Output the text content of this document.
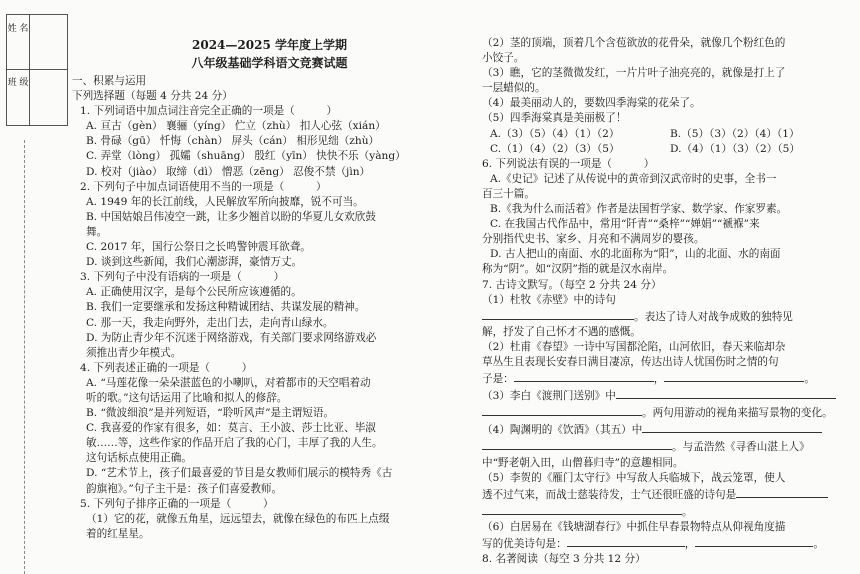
姓 名
班 级
2024—2025 学年度上学期
八年级基础学科语文竞赛试题
一、积累与运用
下列选择题（每题 4 分共 24 分）
1. 下列词语中加点词注音完全正确的一项是（　　　）
A. 亘古（gèn） 襄骊（yíng） 伫立（zhù） 扣人心弦（xián）
B. 骨碌（gū） 忏悔（chàn） 屏头（cán） 相形见绌（zhù）
C. 弄堂（lòng） 孤孀（shuāng） 殷红（yīn） 快快不乐（yàng）
D. 校对（jiào） 取缔（dì） 憎恶（zēng） 忍俊不禁（jìn）
2. 下列句子中加点词语使用不当的一项是（　　　）
A. 1949 年的长江前线，人民解放军所向披靡，锐不可当。
B. 中国姑娘吕伟凌空一跳，让多少翘首以盼的华夏儿女欢欣鼓
舞。
C. 2017 年，国行公祭日之长鸣警钟震耳欲聋。
D. 谈到这些新闻，我们心潮澎湃，豪情万丈。
3. 下列句子中没有语病的一项是（　　　）
A. 正确使用汉字，是每个公民所应该遵循的。
B. 我们一定要继承和发扬这种精诚团结、共谋发展的精神。
C. 那一天，我走向野外，走出门去，走向青山绿水。
D. 为防止青少年不沉迷于网络游戏，有关部门要求网络游戏必
须推出青少年模式。
4. 下列表述正确的一项是（　　　）
A. “马莲花像一朵朵湛蓝色的小喇叭，对着都市的天空唱着动
听的歌。”这句话运用了比喻和拟人的修辞。
B. “微波细浪”是并列短语，“聆听风声”是主谓短语。
C. 我喜爱的作家有很多，如：莫言、王小波、莎士比亚、毕淑
敏……等，这些作家的作品开启了我的心门，丰厚了我的人生。
这句话标点使用正确。
D. “艺术节上，孩子们最喜爱的节目是女教师们展示的模特秀《古
韵旗袍》。”句子主干是：孩子们喜爱教师。
5. 下列句子排序正确的一项是（　　　）
（1）它的花，就像五角星，远远望去，就像在绿色的布匹上点缀
着的红星星。
（2）茎的顶端，顶着几个含苞欲放的花骨朵，就像几个粉红色的
小饺子。
（3）瞧，它的茎微微发红，一片片叶子油亮亮的，就像是打上了
一层蜡似的。
（4）最美丽动人的，要数四季海棠的花朵了。
（5）四季海棠真是美丽极了！
A.（3）（5）（4）（1）（2）	B.（5）（3）（2）（4）（1）
C.（1）（4）（2）（3）（5）	D.（4）（1）（3）（2）（5）
6. 下列说法有误的一项是（　　　）
A.《史记》记述了从传说中的黄帝到汉武帝时的史事，全书一
百三十篇。
B.《我为什么而活着》作者是法国哲学家、数学家、作家罗素。
C. 在我国古代作品中，常用“阡青”“桑梓”“婵娟”“褫褓”来
分别指代史书、家乡、月亮和不满周岁的婴孩。
D. 古人把山的南面、水的北面称为“阳”，山的北面、水的南面
称为“阴”。如“汉阴”指的就是汉水南岸。
7. 古诗文默写。（每空 2 分共 24 分）
（1）杜牧《赤壁》中的诗句
。表达了诗人对战争成败的独特见
解，抒发了自己怀才不遇的感慨。
（2）杜甫《春望》一诗中写国都沦陷，山河依旧，春天来临却杂
草丛生且表现长安春日满目凄凉，传达出诗人忧国伤时之情的句
子是：	，	。
（3）李白《渡荆门送别》中
。两句用游动的视角来描写景物的变化。
（4）陶渊明的《饮酒》（其五）中
。与孟浩然《寻香山湛上人》
中“野老朝入田，山僧暮归寺”的意趣相同。
（5）李贺的《雁门太守行》中写敌人兵临城下，战云笼罩，使人
透不过气来，而战士慈装待发，士气还很旺盛的诗句是
。
（6）白居易在《钱塘湖春行》中抓住早春景物特点从仰视角度描
写的优美诗句是：	，	。
8. 名著阅读（每空 3 分共 12 分）
